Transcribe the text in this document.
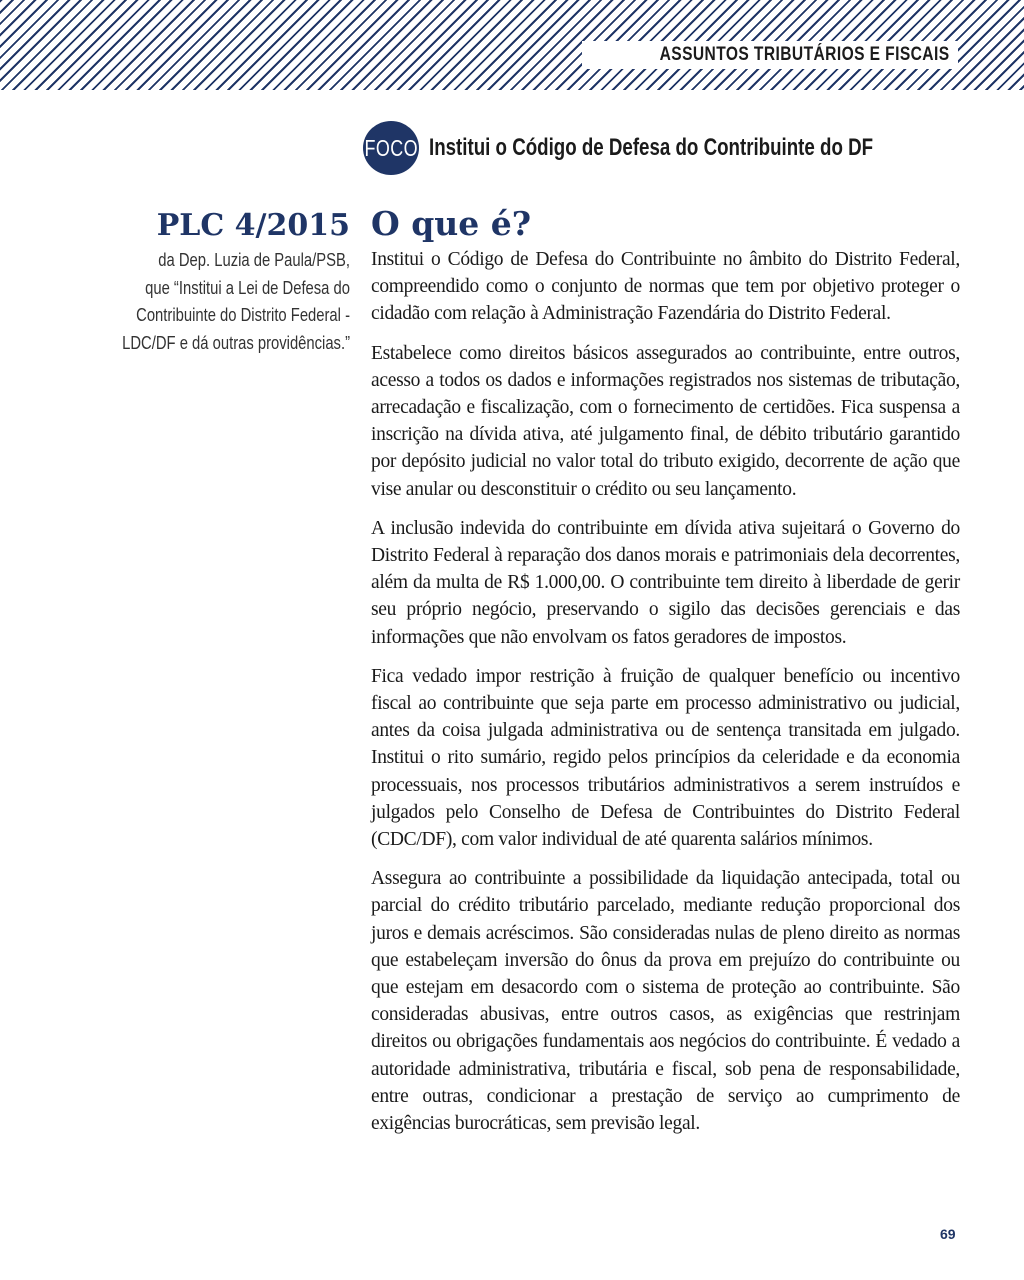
ASSUNTOS TRIBUTÁRIOS E FISCAIS
FOCO Institui o Código de Defesa do Contribuinte do DF
PLC 4/2015
da Dep. Luzia de Paula/PSB,
que “Institui a Lei de Defesa do
Contribuinte do Distrito Federal -
LDC/DF e dá outras providências.”
O que é?

Institui o Código de Defesa do Contribuinte no âmbito do Distrito Federal, compreendido como o conjunto de normas que tem por objetivo proteger o cidadão com relação à Administração Fazendária do Distrito Federal.

Estabelece como direitos básicos assegurados ao contribuinte, entre outros, acesso a todos os dados e informações registrados nos sistemas de tributação, arrecadação e fiscalização, com o fornecimento de certidões. Fica suspensa a inscrição na dívida ativa, até julgamento final, de débito tributário garantido por depósito judicial no valor total do tributo exigido, decorrente de ação que vise anular ou desconstituir o crédito ou seu lançamento.

A inclusão indevida do contribuinte em dívida ativa sujeitará o Governo do Distrito Federal à reparação dos danos morais e patrimoniais dela decorrentes, além da multa de R$ 1.000,00. O contribuinte tem direito à liberdade de gerir seu próprio negócio, preservando o sigilo das decisões gerenciais e das informações que não envolvam os fatos geradores de impostos.

Fica vedado impor restrição à fruição de qualquer benefício ou incentivo fiscal ao contribuinte que seja parte em processo administrativo ou judicial, antes da coisa julgada administrativa ou de sentença transitada em julgado. Institui o rito sumário, regido pelos princípios da celeridade e da economia processuais, nos processos tributários administrativos a serem instruídos e julgados pelo Conselho de Defesa de Contribuintes do Distrito Federal (CDC/DF), com valor individual de até quarenta salários mínimos.

Assegura ao contribuinte a possibilidade da liquidação antecipada, total ou parcial do crédito tributário parcelado, mediante redução proporcional dos juros e demais acréscimos. São consideradas nulas de pleno direito as normas que estabeleçam inversão do ônus da prova em prejuízo do contribuinte ou que estejam em desacordo com o sistema de proteção ao contribuinte. São consideradas abusivas, entre outros casos, as exigências que restrinjam direitos ou obrigações fundamentais aos negócios do contribuinte. É vedado a autoridade administrativa, tributária e fiscal, sob pena de responsabilidade, entre outras, condicionar a prestação de serviço ao cumprimento de exigências burocráticas, sem previsão legal.

69
